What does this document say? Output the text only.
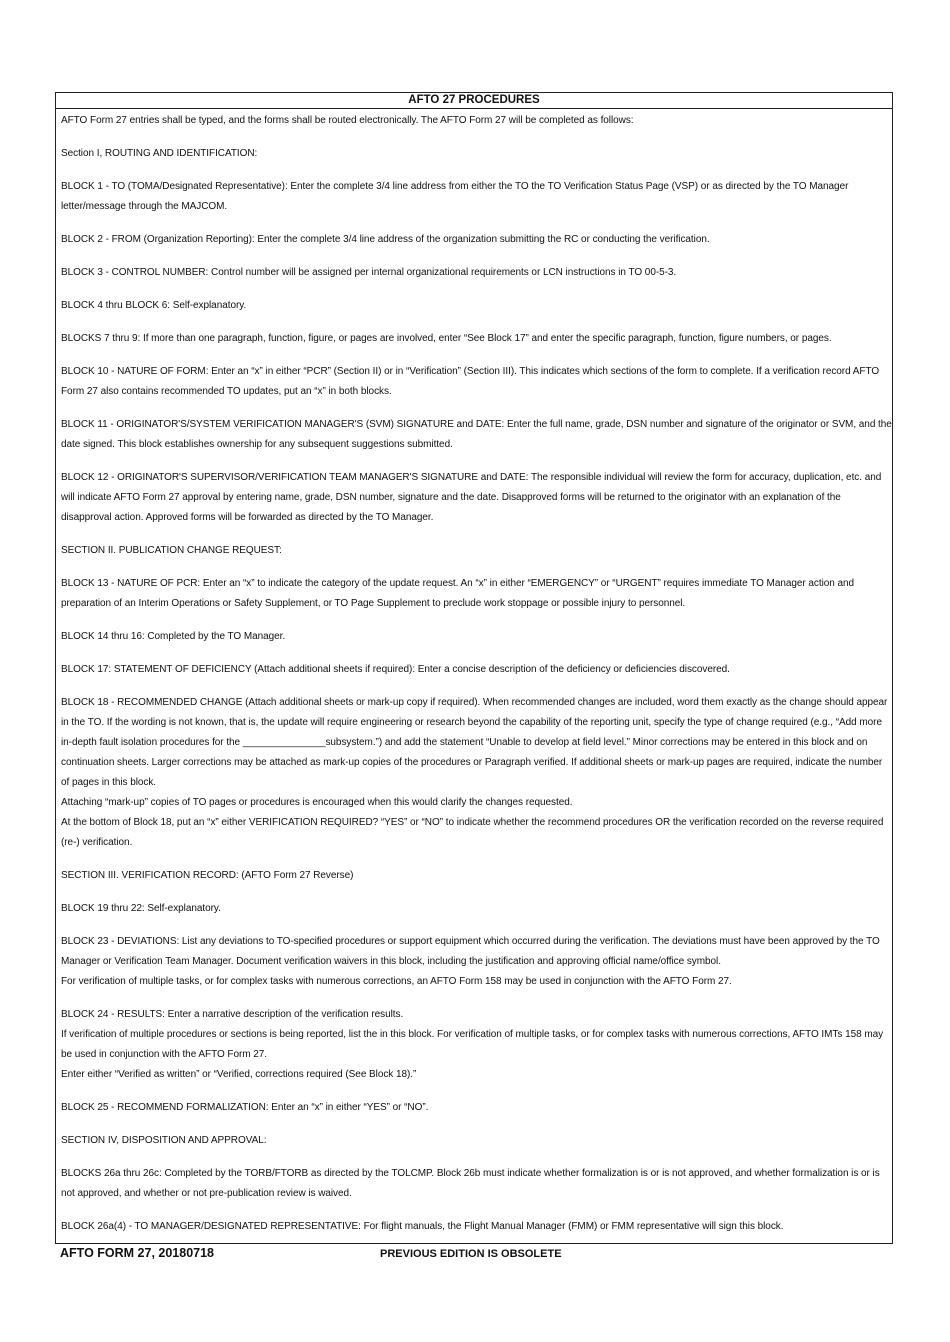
AFTO 27 PROCEDURES

AFTO Form 27 entries shall be typed, and the forms shall be routed electronically. The AFTO Form 27 will be completed as follows:

Section I, ROUTING AND IDENTIFICATION:

BLOCK 1 - TO (TOMA/Designated Representative): Enter the complete 3/4 line address from either the TO the TO Verification Status Page (VSP) or as directed by the TO Manager letter/message through the MAJCOM.

BLOCK 2 - FROM (Organization Reporting): Enter the complete 3/4 line address of the organization submitting the RC or conducting the verification.

BLOCK 3 - CONTROL NUMBER: Control number will be assigned per internal organizational requirements or LCN instructions in TO 00-5-3.

BLOCK 4 thru BLOCK 6: Self-explanatory.

BLOCKS 7 thru 9: If more than one paragraph, function, figure, or pages are involved, enter “See Block 17” and enter the specific paragraph, function, figure numbers, or pages.

BLOCK 10 - NATURE OF FORM: Enter an “x” in either “PCR” (Section II) or in “Verification” (Section III). This indicates which sections of the form to complete. If a verification record AFTO Form 27 also contains recommended TO updates, put an “x” in both blocks.

BLOCK 11 - ORIGINATOR'S/SYSTEM VERIFICATION MANAGER'S (SVM) SIGNATURE and DATE: Enter the full name, grade, DSN number and signature of the originator or SVM, and the date signed. This block establishes ownership for any subsequent suggestions submitted.

BLOCK 12 - ORIGINATOR'S SUPERVISOR/VERIFICATION TEAM MANAGER'S SIGNATURE and DATE: The responsible individual will review the form for accuracy, duplication, etc. and will indicate AFTO Form 27 approval by entering name, grade, DSN number, signature and the date. Disapproved forms will be returned to the originator with an explanation of the disapproval action. Approved forms will be forwarded as directed by the TO Manager.

SECTION II. PUBLICATION CHANGE REQUEST:

BLOCK 13 - NATURE OF PCR: Enter an “x” to indicate the category of the update request. An “x” in either “EMERGENCY” or “URGENT” requires immediate TO Manager action and preparation of an Interim Operations or Safety Supplement, or TO Page Supplement to preclude work stoppage or possible injury to personnel.

BLOCK 14 thru 16: Completed by the TO Manager.

BLOCK 17: STATEMENT OF DEFICIENCY (Attach additional sheets if required): Enter a concise description of the deficiency or deficiencies discovered.

BLOCK 18 - RECOMMENDED CHANGE (Attach additional sheets or mark-up copy if required). When recommended changes are included, word them exactly as the change should appear in the TO. If the wording is not known, that is, the update will require engineering or research beyond the capability of the reporting unit, specify the type of change required (e.g., “Add more in-depth fault isolation procedures for the _______________subsystem.”) and add the statement “Unable to develop at field level.” Minor corrections may be entered in this block and on continuation sheets. Larger corrections may be attached as mark-up copies of the procedures or Paragraph verified. If additional sheets or mark-up pages are required, indicate the number of pages in this block.
Attaching “mark-up” copies of TO pages or procedures is encouraged when this would clarify the changes requested.
At the bottom of Block 18, put an “x” either VERIFICATION REQUIRED? “YES” or “NO” to indicate whether the recommend procedures OR the verification recorded on the reverse required (re-) verification.

SECTION III. VERIFICATION RECORD: (AFTO Form 27 Reverse)

BLOCK 19 thru 22: Self-explanatory.

BLOCK 23 - DEVIATIONS: List any deviations to TO-specified procedures or support equipment which occurred during the verification. The deviations must have been approved by the TO Manager or Verification Team Manager. Document verification waivers in this block, including the justification and approving official name/office symbol.
For verification of multiple tasks, or for complex tasks with numerous corrections, an AFTO Form 158 may be used in conjunction with the AFTO Form 27.

BLOCK 24 - RESULTS: Enter a narrative description of the verification results.
If verification of multiple procedures or sections is being reported, list the in this block. For verification of multiple tasks, or for complex tasks with numerous corrections, AFTO IMTs 158 may be used in conjunction with the AFTO Form 27.
Enter either “Verified as written” or “Verified, corrections required (See Block 18).”

BLOCK 25 - RECOMMEND FORMALIZATION: Enter an “x” in either “YES” or “NO”.

SECTION IV, DISPOSITION AND APPROVAL:

BLOCKS 26a thru 26c: Completed by the TORB/FTORB as directed by the TOLCMP. Block 26b must indicate whether formalization is or is not approved, and whether formalization is or is not approved, and whether or not pre-publication review is waived.

BLOCK 26a(4) - TO MANAGER/DESIGNATED REPRESENTATIVE: For flight manuals, the Flight Manual Manager (FMM) or FMM representative will sign this block.

AFTO FORM 27, 20180718	PREVIOUS EDITION IS OBSOLETE
